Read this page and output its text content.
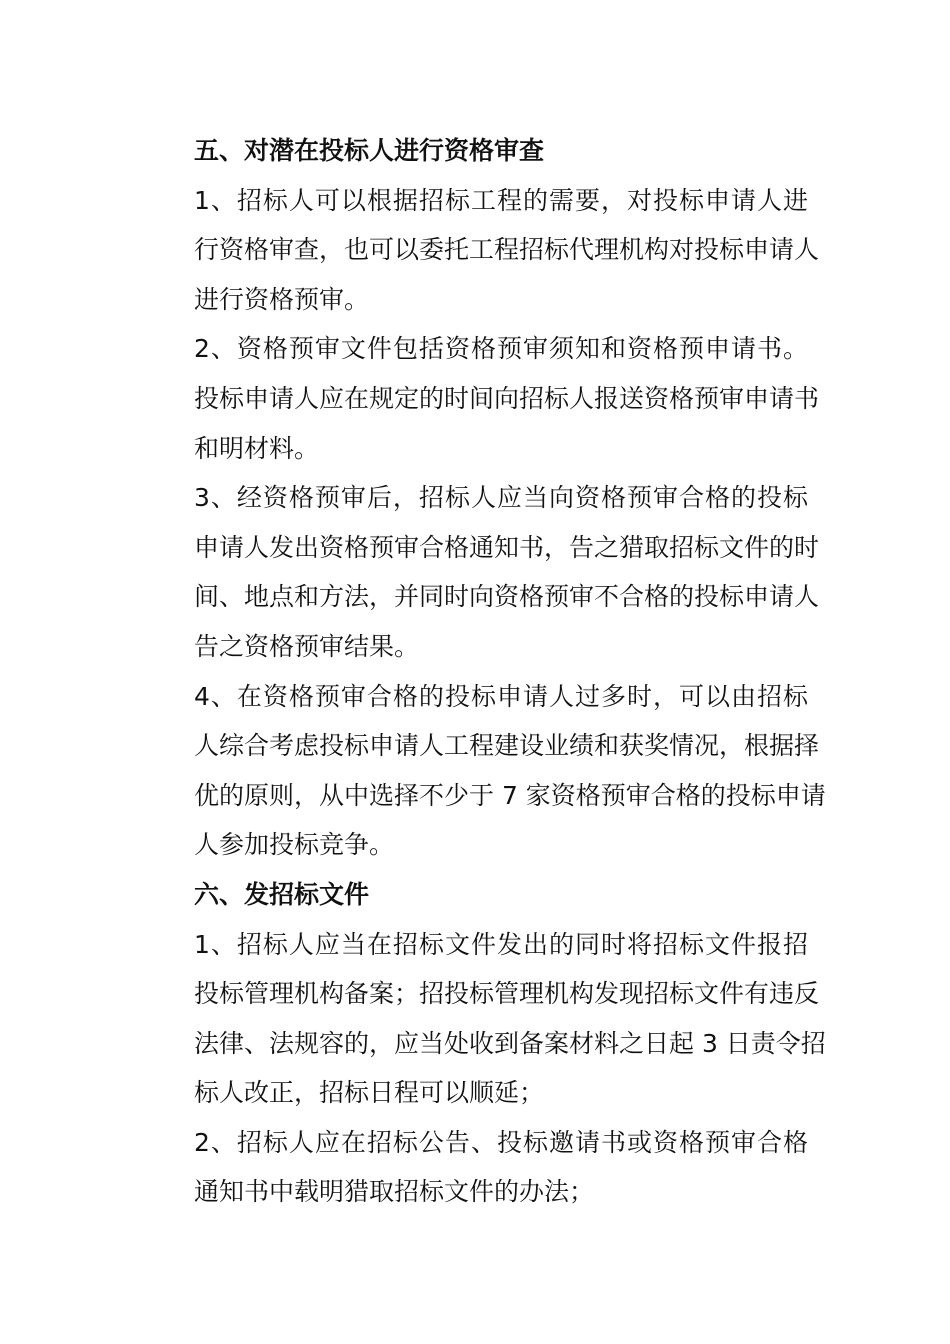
五、对潜在投标人进行资格审查
1、招标人可以根据招标工程的需要，对投标申请人进
行资格审查，也可以委托工程招标代理机构对投标申请人
进行资格预审。
2、资格预审文件包括资格预审须知和资格预申请书。
投标申请人应在规定的时间向招标人报送资格预审申请书
和明材料。
3、经资格预审后，招标人应当向资格预审合格的投标
申请人发出资格预审合格通知书，告之猎取招标文件的时
间、地点和方法，并同时向资格预审不合格的投标申请人
告之资格预审结果。
4、在资格预审合格的投标申请人过多时，可以由招标
人综合考虑投标申请人工程建设业绩和获奖情况，根据择
优的原则，从中选择不少于 7 家资格预审合格的投标申请
人参加投标竞争。
六、发招标文件
1、招标人应当在招标文件发出的同时将招标文件报招
投标管理机构备案；招投标管理机构发现招标文件有违反
法律、法规容的，应当处收到备案材料之日起 3 日责令招
标人改正，招标日程可以顺延；
2、招标人应在招标公告、投标邀请书或资格预审合格
通知书中载明猎取招标文件的办法；
